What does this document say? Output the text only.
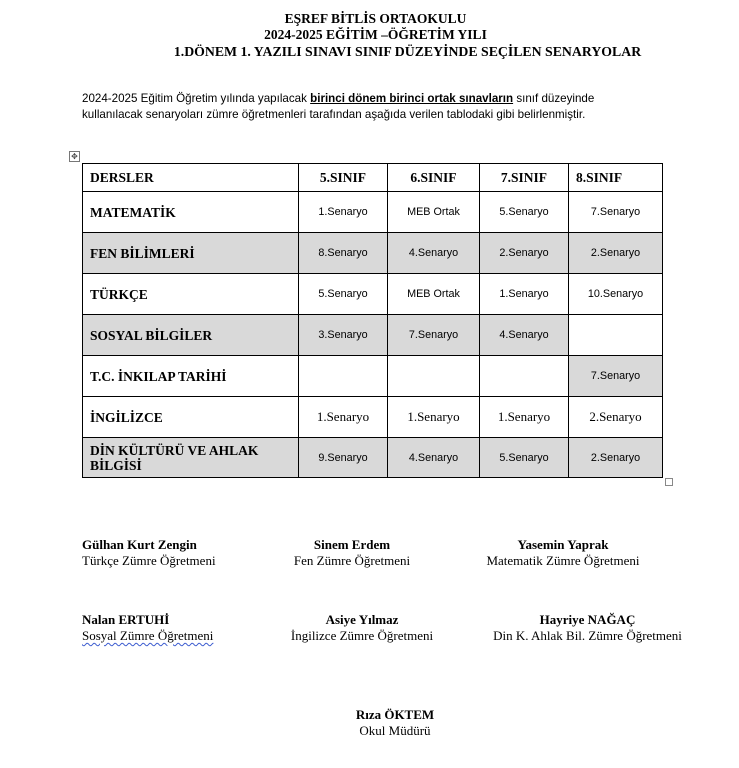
EŞREF BİTLİS ORTAOKULU
2024-2025 EĞİTİM –ÖĞRETİM YILI
1.DÖNEM 1. YAZILI SINAVI SINIF DÜZEYİNDE SEÇİLEN SENARYOLAR
2024-2025 Eğitim Öğretim yılında yapılacak birinci dönem birinci ortak sınavların sınıf düzeyinde
kullanılacak senaryoları zümre öğretmenleri tarafından aşağıda verilen tablodaki gibi belirlenmiştir.
✥
DERSLER	5.SINIF	6.SINIF	7.SINIF	8.SINIF
MATEMATİK	1.Senaryo	MEB Ortak	5.Senaryo	7.Senaryo
FEN BİLİMLERİ	8.Senaryo	4.Senaryo	2.Senaryo	2.Senaryo
TÜRKÇE	5.Senaryo	MEB Ortak	1.Senaryo	10.Senaryo
SOSYAL BİLGİLER	3.Senaryo	7.Senaryo	4.Senaryo	
T.C. İNKILAP TARİHİ				7.Senaryo
İNGİLİZCE	1.Senaryo	1.Senaryo	1.Senaryo	2.Senaryo
DİN KÜLTÜRÜ VE AHLAK BİLGİSİ	9.Senaryo	4.Senaryo	5.Senaryo	2.Senaryo
Gülhan Kurt Zengin
Türkçe Zümre Öğretmeni
Sinem Erdem
Fen Zümre Öğretmeni
Yasemin Yaprak
Matematik Zümre Öğretmeni
Nalan ERTUHİ
Sosyal Zümre Öğretmeni
Asiye Yılmaz
İngilizce Zümre Öğretmeni
Hayriye NAĞAÇ
Din K. Ahlak Bil. Zümre Öğretmeni
Rıza ÖKTEM
Okul Müdürü
